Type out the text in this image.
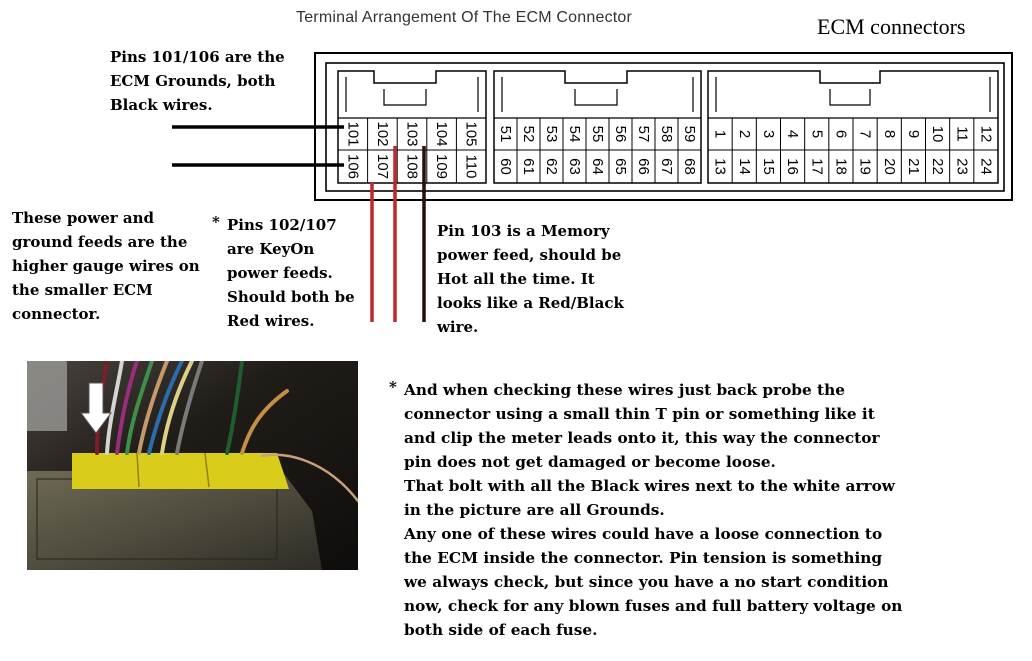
Terminal Arrangement Of The ECM Connector	ECM connectors
101 102 103 104 105
106 107 108 109 110
51 52 53 54 55 56 57 58 59
60 61 62 63 64 65 66 67 68
1 2 3 4 5 6 7 8 9 10 11 12
13 14 15 16 17 18 19 20 21 22 23 24
Pins 101/106 are the
ECM Grounds, both
Black wires.
These power and
ground feeds are the
higher gauge wires on
the smaller ECM
connector.
* Pins 102/107
are KeyOn
power feeds.
Should both be
Red wires.
Pin 103 is a Memory
power feed, should be
Hot all the time. It
looks like a Red/Black
wire.
* And when checking these wires just back probe the
connector using a small thin T pin or something like it
and clip the meter leads onto it, this way the connector
pin does not get damaged or become loose.
That bolt with all the Black wires next to the white arrow
in the picture are all Grounds.
Any one of these wires could have a loose connection to
the ECM inside the connector. Pin tension is something
we always check, but since you have a no start condition
now, check for any blown fuses and full battery voltage on
both side of each fuse.
